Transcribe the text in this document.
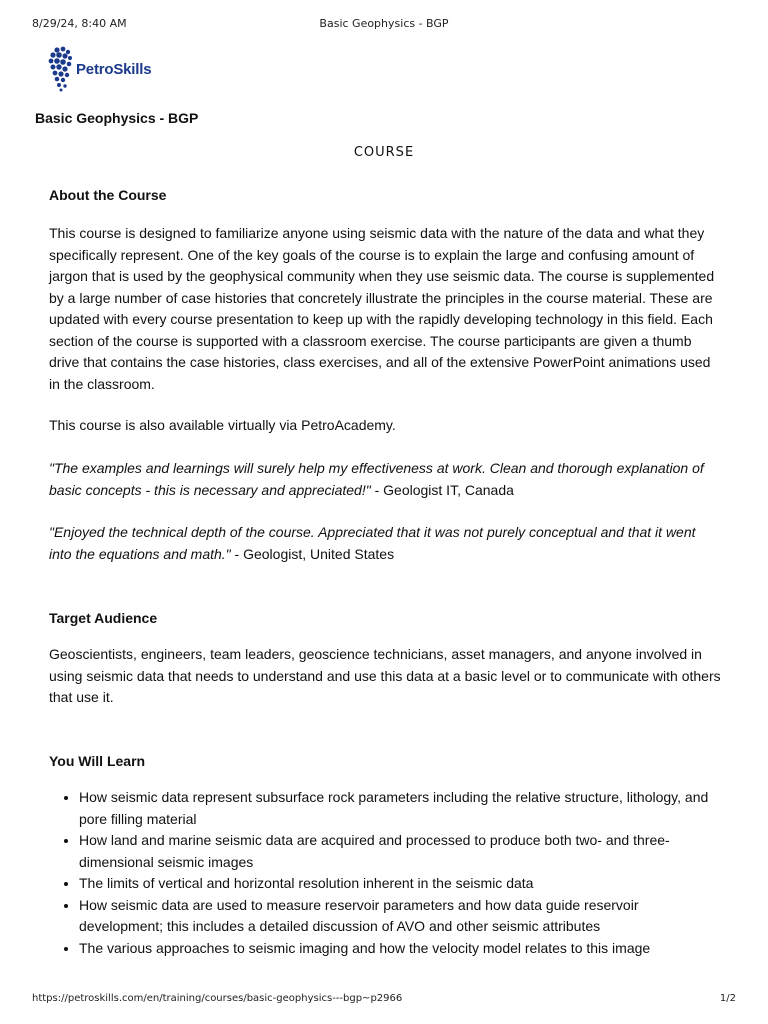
8/29/24, 8:40 AM	Basic Geophysics - BGP
PetroSkills
Basic Geophysics - BGP
COURSE
About the Course

This course is designed to familiarize anyone using seismic data with the nature of the data and what they specifically represent. One of the key goals of the course is to explain the large and confusing amount of jargon that is used by the geophysical community when they use seismic data. The course is supplemented by a large number of case histories that concretely illustrate the principles in the course material. These are updated with every course presentation to keep up with the rapidly developing technology in this field. Each section of the course is supported with a classroom exercise. The course participants are given a thumb drive that contains the case histories, class exercises, and all of the extensive PowerPoint animations used in the classroom.

This course is also available virtually via PetroAcademy.

"The examples and learnings will surely help my effectiveness at work. Clean and thorough explanation of basic concepts - this is necessary and appreciated!" - Geologist IT, Canada

"Enjoyed the technical depth of the course. Appreciated that it was not purely conceptual and that it went into the equations and math." - Geologist, United States

Target Audience

Geoscientists, engineers, team leaders, geoscience technicians, asset managers, and anyone involved in using seismic data that needs to understand and use this data at a basic level or to communicate with others that use it.

You Will Learn
• How seismic data represent subsurface rock parameters including the relative structure, lithology, and pore filling material
• How land and marine seismic data are acquired and processed to produce both two- and three-dimensional seismic images
• The limits of vertical and horizontal resolution inherent in the seismic data
• How seismic data are used to measure reservoir parameters and how data guide reservoir development; this includes a detailed discussion of AVO and other seismic attributes
• The various approaches to seismic imaging and how the velocity model relates to this image
https://petroskills.com/en/training/courses/basic-geophysics---bgp~p2966	1/2
